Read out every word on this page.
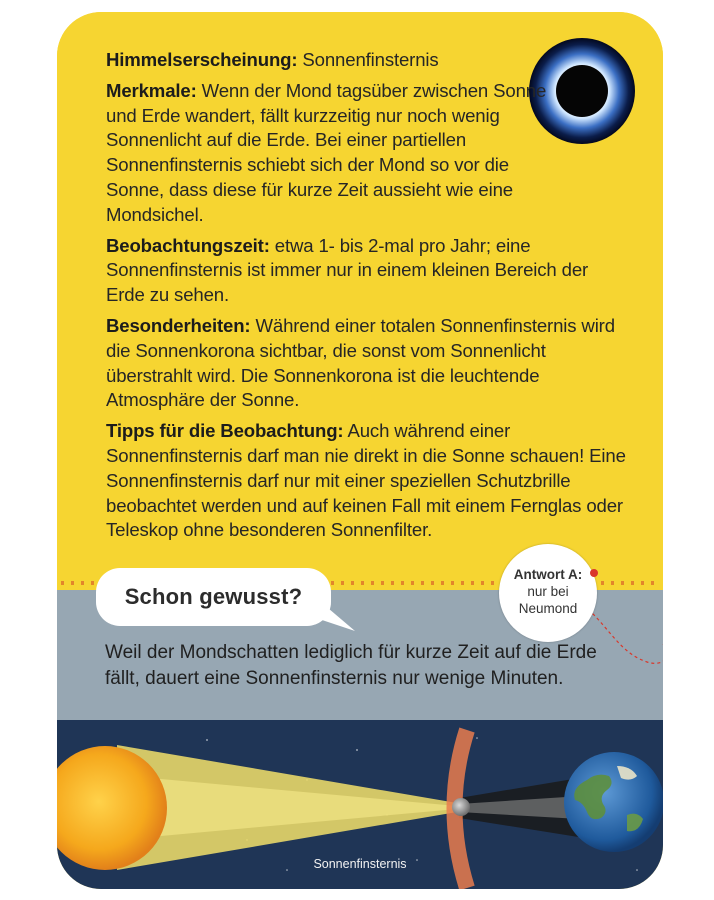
Himmelserscheinung: Sonnenfinsternis

Merkmale: Wenn der Mond tagsüber zwischen Sonne und Erde wandert, fällt kurzzeitig nur noch wenig Sonnenlicht auf die Erde. Bei einer partiellen Sonnenfinsternis schiebt sich der Mond so vor die Sonne, dass diese für kurze Zeit aussieht wie eine Mondsichel.

Beobachtungszeit: etwa 1- bis 2-mal pro Jahr; eine Sonnenfinsternis ist immer nur in einem kleinen Bereich der Erde zu sehen.

Besonderheiten: Während einer totalen Sonnenfinsternis wird die Sonnenkorona sichtbar, die sonst vom Sonnenlicht überstrahlt wird. Die Sonnenkorona ist die leuchtende Atmosphäre der Sonne.

Tipps für die Beobachtung: Auch während einer Sonnenfinsternis darf man nie direkt in die Sonne schauen! Eine Sonnenfinsternis darf nur mit einer speziellen Schutzbrille beobachtet werden und auf keinen Fall mit einem Fernglas oder Teleskop ohne besonderen Sonnenfilter.

Schon gewusst?
Antwort A:
nur bei
Neumond
Weil der Mondschatten lediglich für kurze Zeit auf die Erde fällt, dauert eine Sonnenfinsternis nur wenige Minuten.
Sonnenfinsternis
